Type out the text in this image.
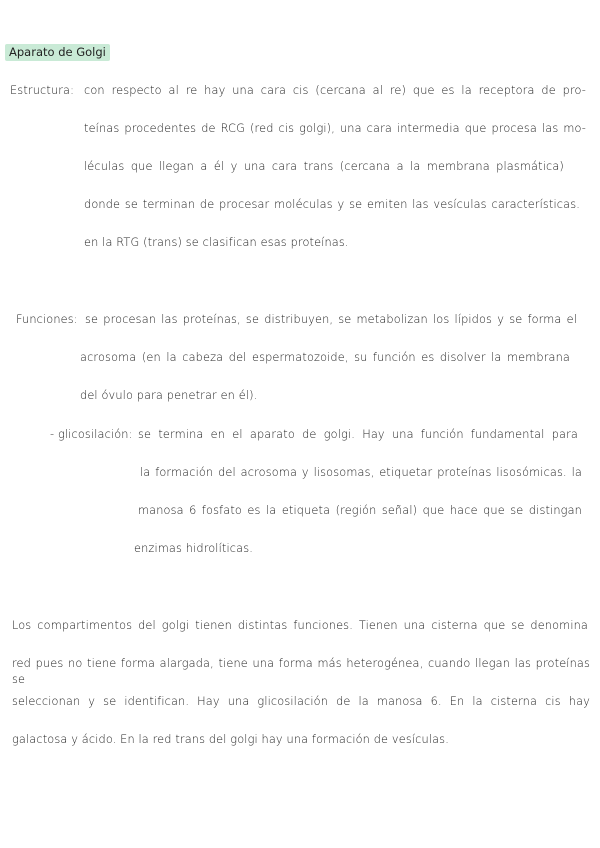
Aparato de Golgi
Estructura: con respecto al re hay una cara cis (cercana al re) que es la receptora de pro-
teínas procedentes de RCG (red cis golgi), una cara intermedia que procesa las mo-
léculas que llegan a él y una cara trans (cercana a la membrana plasmática)
donde se terminan de procesar moléculas y se emiten las vesículas características.
en la RTG (trans) se clasifican esas proteínas.
Funciones: se procesan las proteínas, se distribuyen, se metabolizan los lípidos y se forma el
acrosoma (en la cabeza del espermatozoide, su función es disolver la membrana
del óvulo para penetrar en él).
- glicosilación: se termina en el aparato de golgi. Hay una función fundamental para
la formación del acrosoma y lisosomas, etiquetar proteínas lisosómicas. la
manosa 6 fosfato es la etiqueta (región señal) que hace que se distingan
enzimas hidrolíticas.
Los compartimentos del golgi tienen distintas funciones. Tienen una cisterna que se denomina
red pues no tiene forma alargada, tiene una forma más heterogénea, cuando llegan las proteínas se
seleccionan y se identifican. Hay una glicosilación de la manosa 6. En la cisterna cis hay
galactosa y ácido. En la red trans del golgi hay una formación de vesículas.
